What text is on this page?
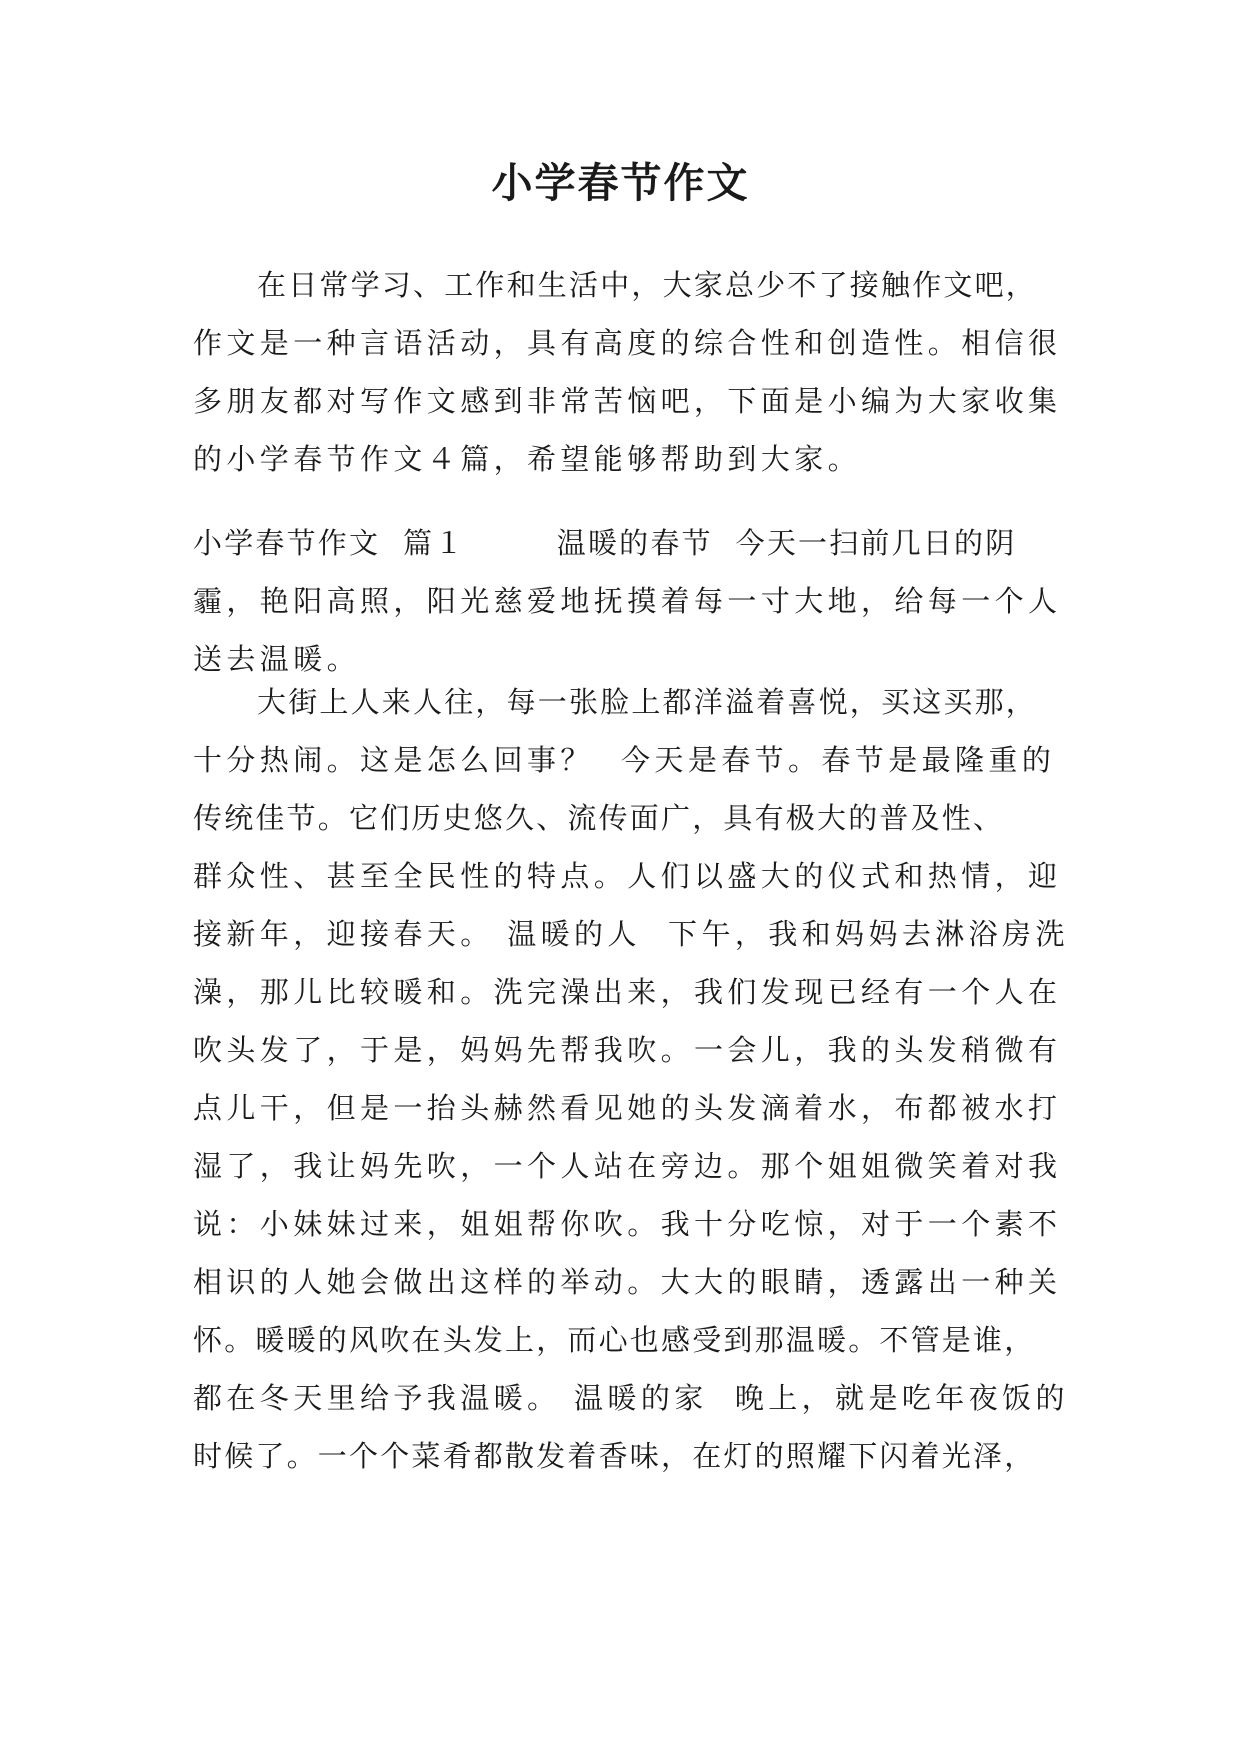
小学春节作文
在日常学习、工作和生活中，大家总少不了接触作文吧，
作文是一种言语活动，具有高度的综合性和创造性。相信很
多朋友都对写作文感到非常苦恼吧，下面是小编为大家收集
的小学春节作文４篇，希望能够帮助到大家。
小学春节作文  篇１        温暖的春节  今天一扫前几日的阴
霾，艳阳高照，阳光慈爱地抚摸着每一寸大地，给每一个人
送去温暖。
大街上人来人往，每一张脸上都洋溢着喜悦，买这买那，
十分热闹。这是怎么回事？  今天是春节。春节是最隆重的
传统佳节。它们历史悠久、流传面广，具有极大的普及性、
群众性、甚至全民性的特点。人们以盛大的仪式和热情，迎
接新年，迎接春天。 温暖的人  下午，我和妈妈去淋浴房洗
澡，那儿比较暖和。洗完澡出来，我们发现已经有一个人在
吹头发了，于是，妈妈先帮我吹。一会儿，我的头发稍微有
点儿干，但是一抬头赫然看见她的头发滴着水，布都被水打
湿了，我让妈先吹，一个人站在旁边。那个姐姐微笑着对我
说：小妹妹过来，姐姐帮你吹。我十分吃惊，对于一个素不
相识的人她会做出这样的举动。大大的眼睛，透露出一种关
怀。暖暖的风吹在头发上，而心也感受到那温暖。不管是谁，
都在冬天里给予我温暖。 温暖的家  晚上，就是吃年夜饭的
时候了。一个个菜肴都散发着香味，在灯的照耀下闪着光泽，
